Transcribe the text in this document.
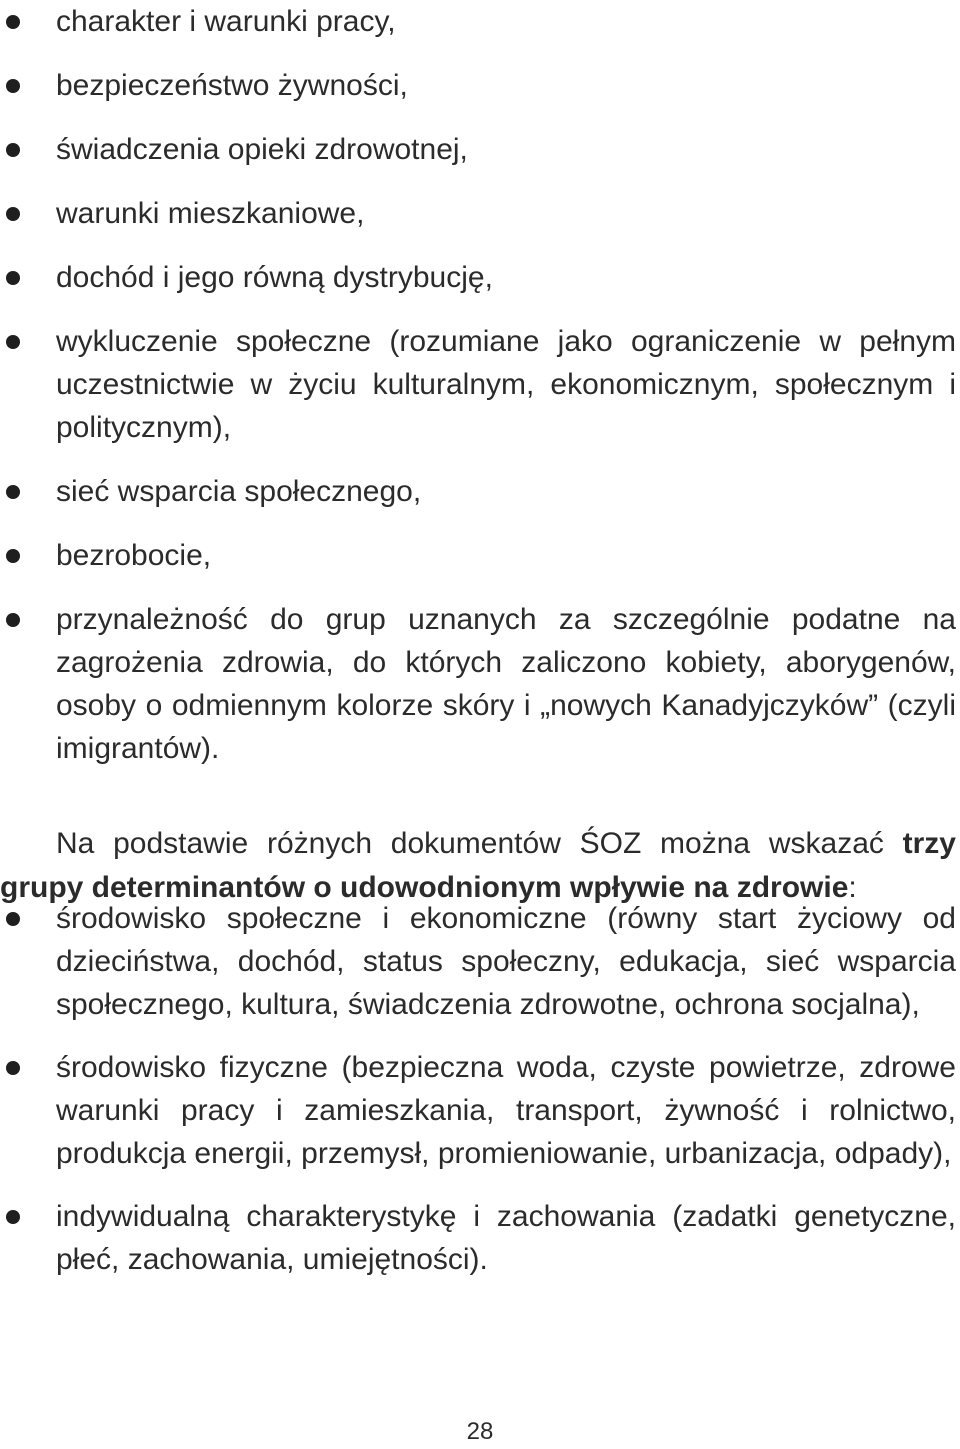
charakter i warunki pracy,
bezpieczeństwo żywności,
świadczenia opieki zdrowotnej,
warunki mieszkaniowe,
dochód i jego równą dystrybucję,
wykluczenie społeczne (rozumiane jako ograniczenie w pełnym uczestnictwie w życiu kulturalnym, ekonomicznym, społecznym i politycznym),
sieć wsparcia społecznego,
bezrobocie,
przynależność do grup uznanych za szczególnie podatne na zagrożenia zdrowia, do których zaliczono kobiety, aborygenów, osoby o odmiennym kolorze skóry i „nowych Kanadyjczyków” (czyli imigrantów).

Na podstawie różnych dokumentów ŚOZ można wskazać trzy grupy determinantów o udowodnionym wpływie na zdrowie:

środowisko społeczne i ekonomiczne (równy start życiowy od dzieciństwa, dochód, status społeczny, edukacja, sieć wsparcia społecznego, kultura, świadczenia zdrowotne, ochrona socjalna),
środowisko fizyczne (bezpieczna woda, czyste powietrze, zdrowe warunki pracy i zamieszkania, transport, żywność i rolnictwo, produkcja energii, przemysł, promieniowanie, urbanizacja, odpady),
indywidualną charakterystykę i zachowania (zadatki genetyczne, płeć, zachowania, umiejętności).
28
